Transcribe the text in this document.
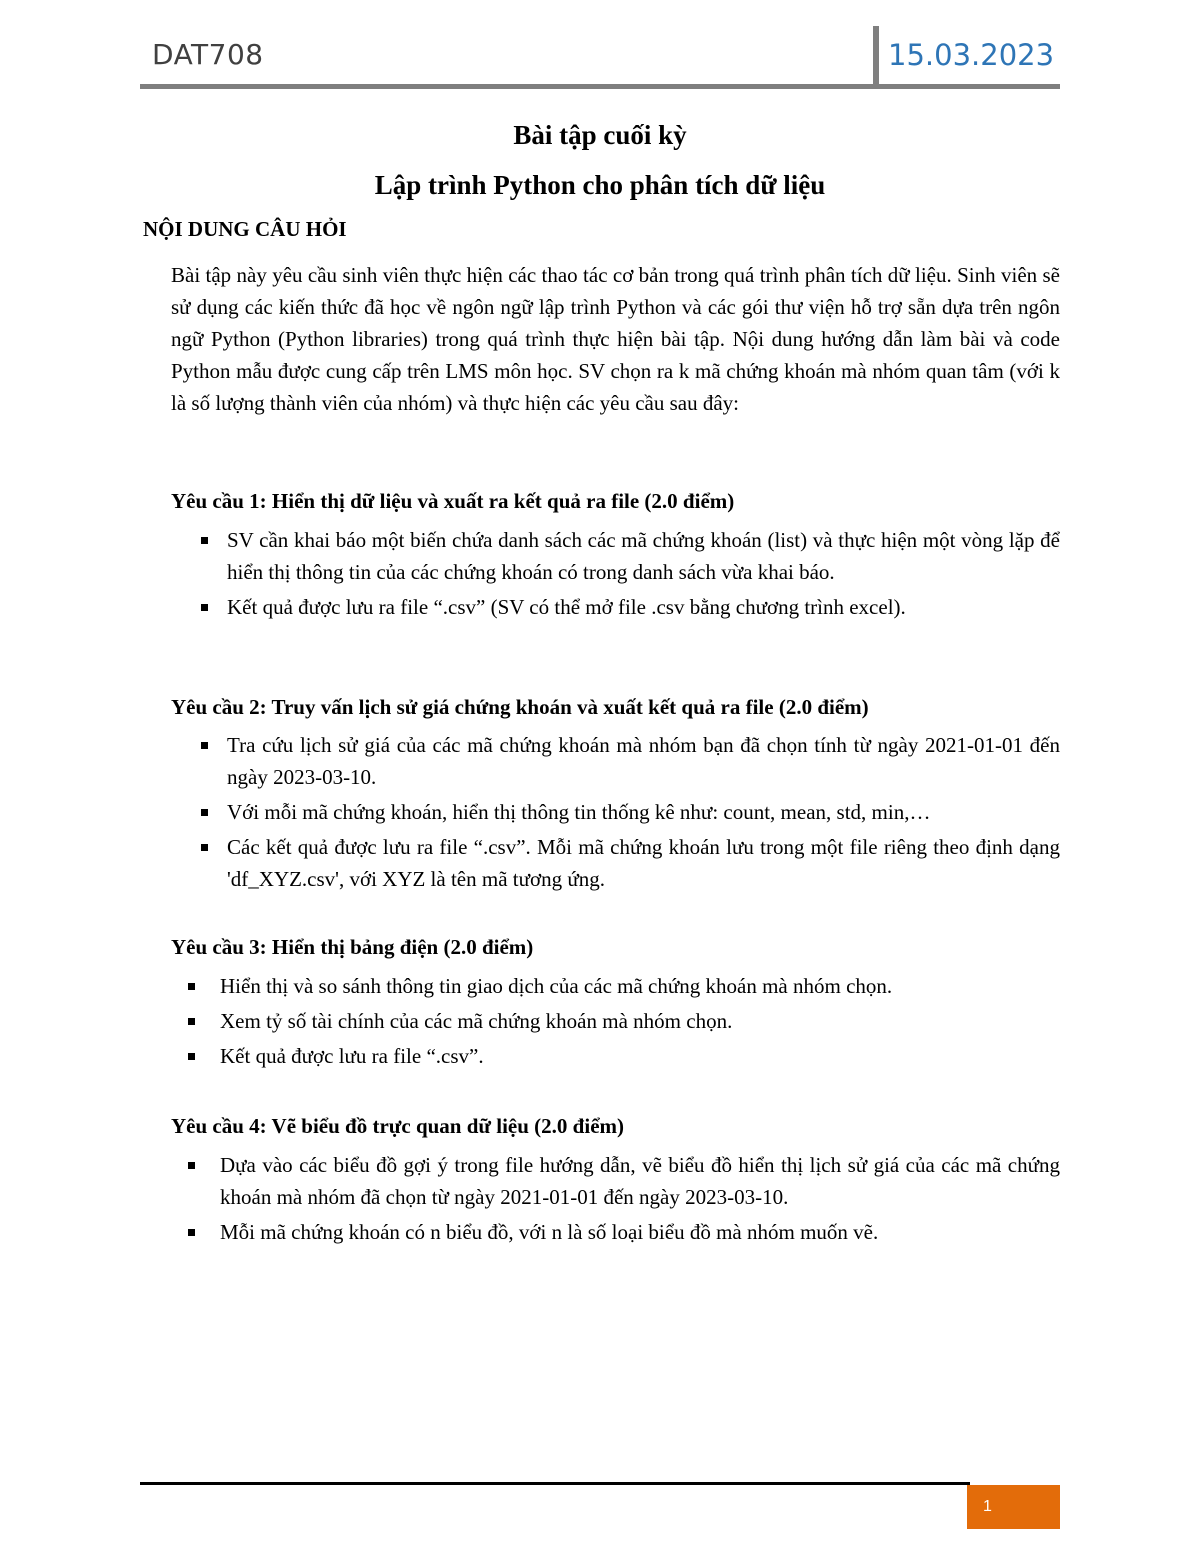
DAT708	15.03.2023
Bài tập cuối kỳ
Lập trình Python cho phân tích dữ liệu
NỘI DUNG CÂU HỎI
Bài tập này yêu cầu sinh viên thực hiện các thao tác cơ bản trong quá trình phân tích dữ liệu. Sinh viên sẽ sử dụng các kiến thức đã học về ngôn ngữ lập trình Python và các gói thư viện hỗ trợ sẵn dựa trên ngôn ngữ Python (Python libraries) trong quá trình thực hiện bài tập. Nội dung hướng dẫn làm bài và code Python mẫu được cung cấp trên LMS môn học. SV chọn ra k mã chứng khoán mà nhóm quan tâm (với k là số lượng thành viên của nhóm) và thực hiện các yêu cầu sau đây:
Yêu cầu 1: Hiển thị dữ liệu và xuất ra kết quả ra file (2.0 điểm)
SV cần khai báo một biến chứa danh sách các mã chứng khoán (list) và thực hiện một vòng lặp để hiển thị thông tin của các chứng khoán có trong danh sách vừa khai báo.
Kết quả được lưu ra file “.csv” (SV có thể mở file .csv bằng chương trình excel).
Yêu cầu 2: Truy vấn lịch sử giá chứng khoán và xuất kết quả ra file (2.0 điểm)
Tra cứu lịch sử giá của các mã chứng khoán mà nhóm bạn đã chọn tính từ ngày 2021-01-01 đến ngày 2023-03-10.
Với mỗi mã chứng khoán, hiển thị thông tin thống kê như: count, mean, std, min,…
Các kết quả được lưu ra file “.csv”. Mỗi mã chứng khoán lưu trong một file riêng theo định dạng 'df_XYZ.csv', với XYZ là tên mã tương ứng.
Yêu cầu 3: Hiển thị bảng điện (2.0 điểm)
Hiển thị và so sánh thông tin giao dịch của các mã chứng khoán mà nhóm chọn.
Xem tỷ số tài chính của các mã chứng khoán mà nhóm chọn.
Kết quả được lưu ra file “.csv”.
Yêu cầu 4: Vẽ biểu đồ trực quan dữ liệu (2.0 điểm)
Dựa vào các biểu đồ gợi ý trong file hướng dẫn, vẽ biểu đồ hiển thị lịch sử giá của các mã chứng khoán mà nhóm đã chọn từ ngày 2021-01-01 đến ngày 2023-03-10.
Mỗi mã chứng khoán có n biểu đồ, với n là số loại biểu đồ mà nhóm muốn vẽ.
1
